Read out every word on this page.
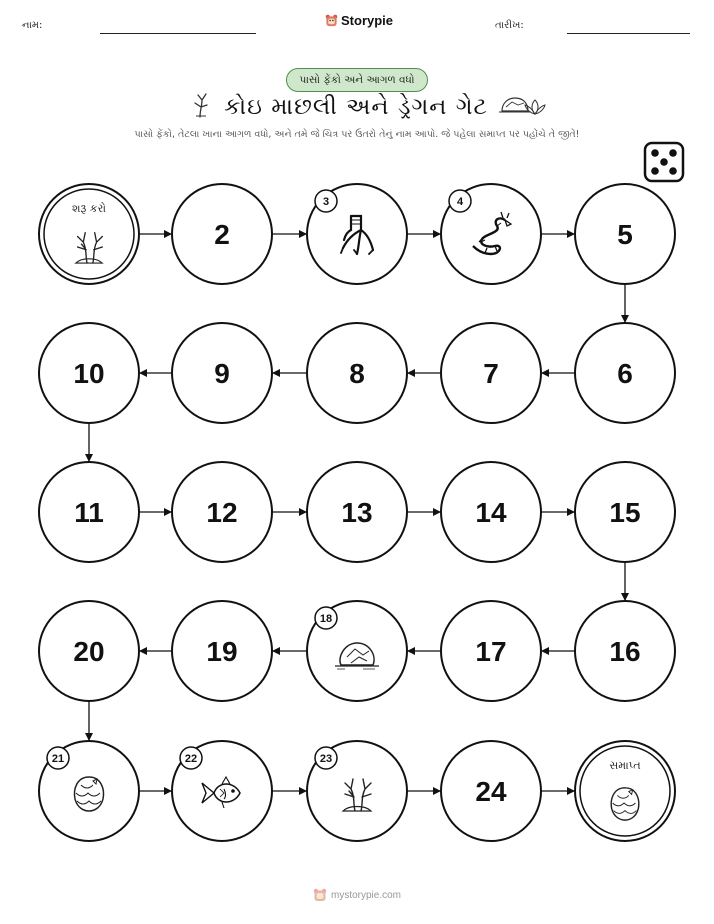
નામ:	Storypie	તારીખ:
પાસો ફેંકો અને આગળ વધો
કોઇ માછલી અને ડ્રેગન ગેટ
પાસો ફેંકો, તેટલા ખાના આગળ વધો, અને તમે જે ચિત્ર પર ઉતરો તેનું નામ આપો. જે પહેલા સમાપ્ત પર પહોંચે તે જીતે!
શરૂ કરો
2
3	4
5
6
7
8
9
10
11	12	13	14	15
16
17
18
19
20
21	22	23
24
સમાપ્ત
mystorypie.com
